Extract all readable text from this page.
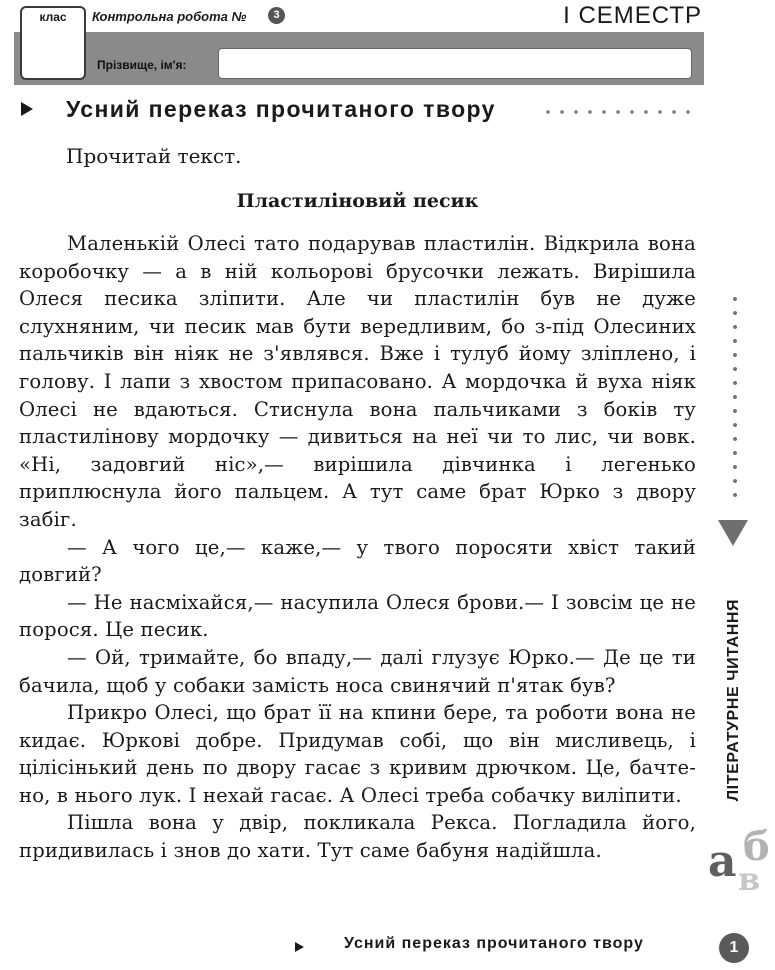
клас	Контрольна робота №	3	І СЕМЕСТР
Прізвище, ім'я:
Усний переказ прочитаного твору
Прочитай текст.
Пластиліновий песик

Маленькій Олесі тато подарував пластилін. Відкрила вона коробочку — а в ній кольорові брусочки лежать. Вирішила Олеся песика зліпити. Але чи пластилін був не дуже слухняним, чи песик мав бути вередливим, бо з-під Олесиних пальчиків він ніяк не з'являвся. Вже і тулуб йому зліплено, і голову. І лапи з хвостом припасовано. А мордочка й вуха ніяк Олесі не вдаються. Стиснула вона пальчиками з боків ту пластилінову мордочку — дивиться на неї чи то лис, чи вовк. «Ні, задовгий ніс»,— вирішила дівчинка і легенько приплюснула його пальцем. А тут саме брат Юрко з двору забіг.

— А чого це,— каже,— у твого поросяти хвіст такий довгий?

— Не насміхайся,— насупила Олеся брови.— І зовсім це не порося. Це песик.

— Ой, тримайте, бо впаду,— далі глузує Юрко.— Де це ти бачила, щоб у собаки замість носа свинячий п'ятак був?

Прикро Олесі, що брат її на кпини бере, та роботи вона не кидає. Юркові добре. Придумав собі, що він мисливець, і цілісінький день по двору гасає з кривим дрючком. Це, бачте-но, в нього лук. І нехай гасає. А Олесі треба собачку виліпити.

Пішла вона у двір, покликала Рекса. Погладила його, придивилась і знов до хати. Тут саме бабуня надійшла.

ЛІТЕРАТУРНЕ ЧИТАННЯ
б
а в
Усний переказ прочитаного твору	1
